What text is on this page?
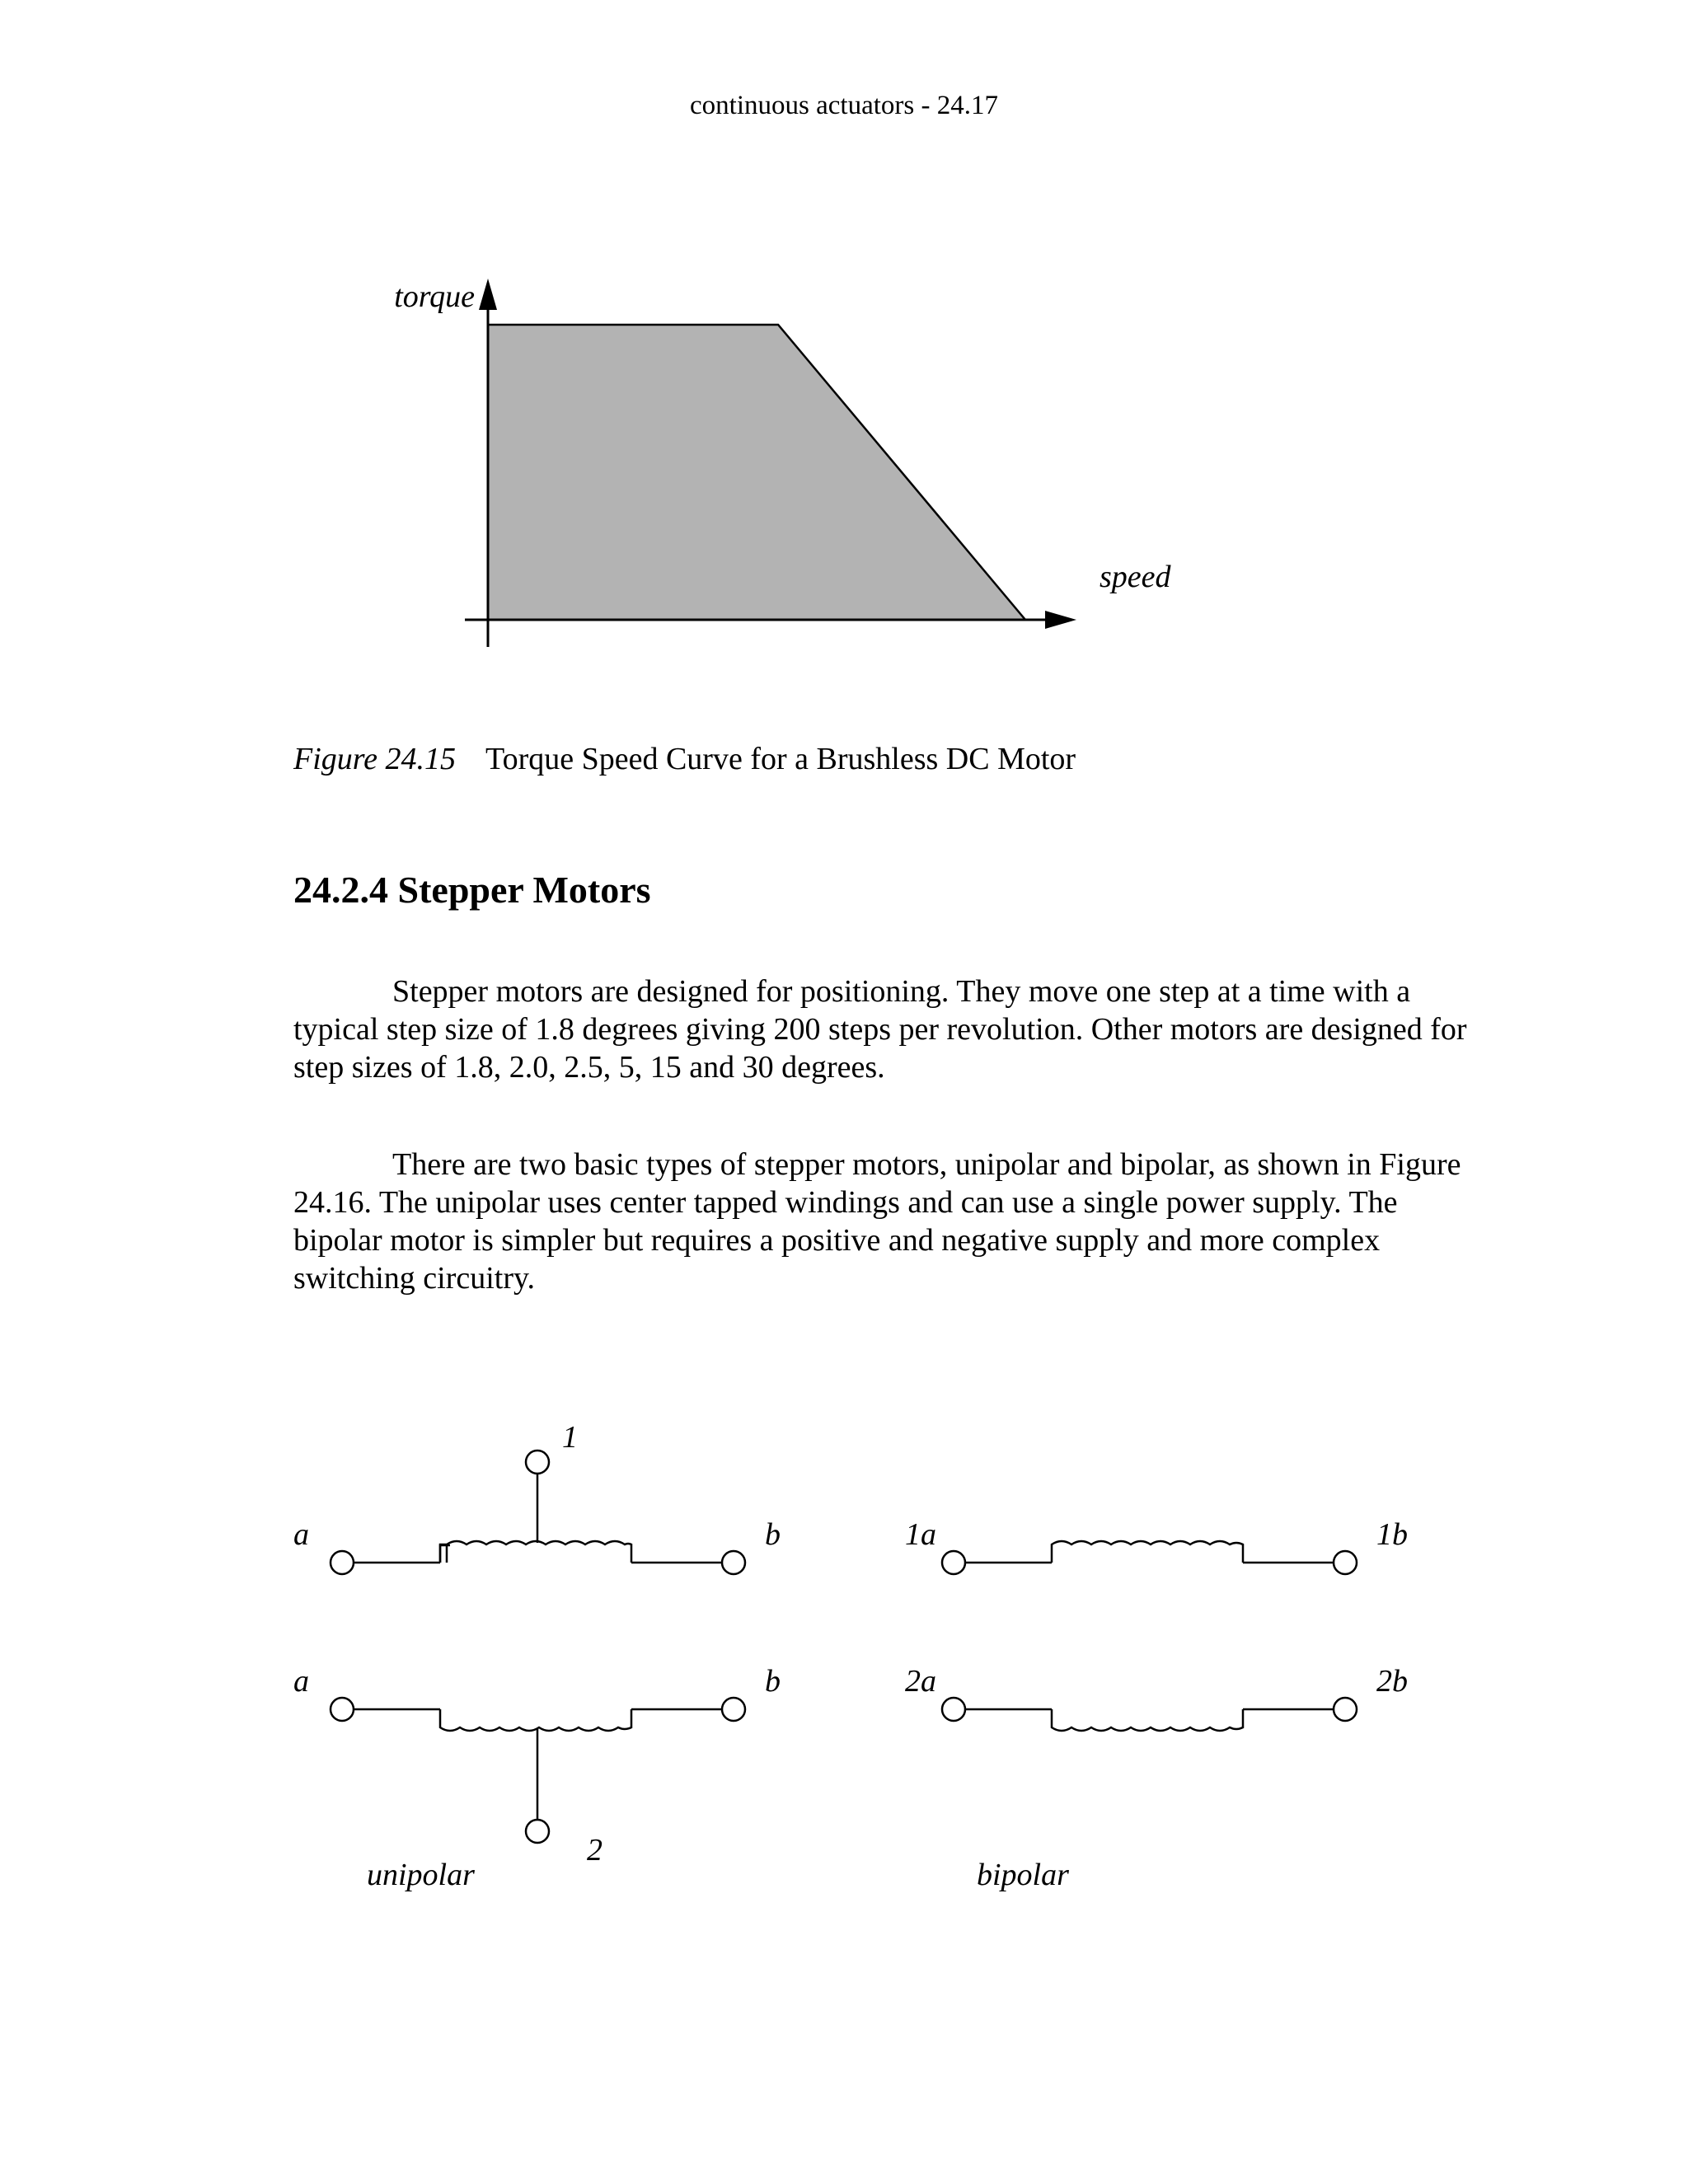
continuous actuators - 24.17
torque
speed
Figure 24.15 Torque Speed Curve for a Brushless DC Motor
24.2.4 Stepper Motors

Stepper motors are designed for positioning. They move one step at a time with a typical step size of 1.8 degrees giving 200 steps per revolution. Other motors are designed for step sizes of 1.8, 2.0, 2.5, 5, 15 and 30 degrees.

There are two basic types of stepper motors, unipolar and bipolar, as shown in Figure 24.16. The unipolar uses center tapped windings and can use a single power supply. The bipolar motor is simpler but requires a positive and negative supply and more complex switching circuitry.

a	b
1
a	b
2
unipolar
1a	1b
2a	2b
bipolar
